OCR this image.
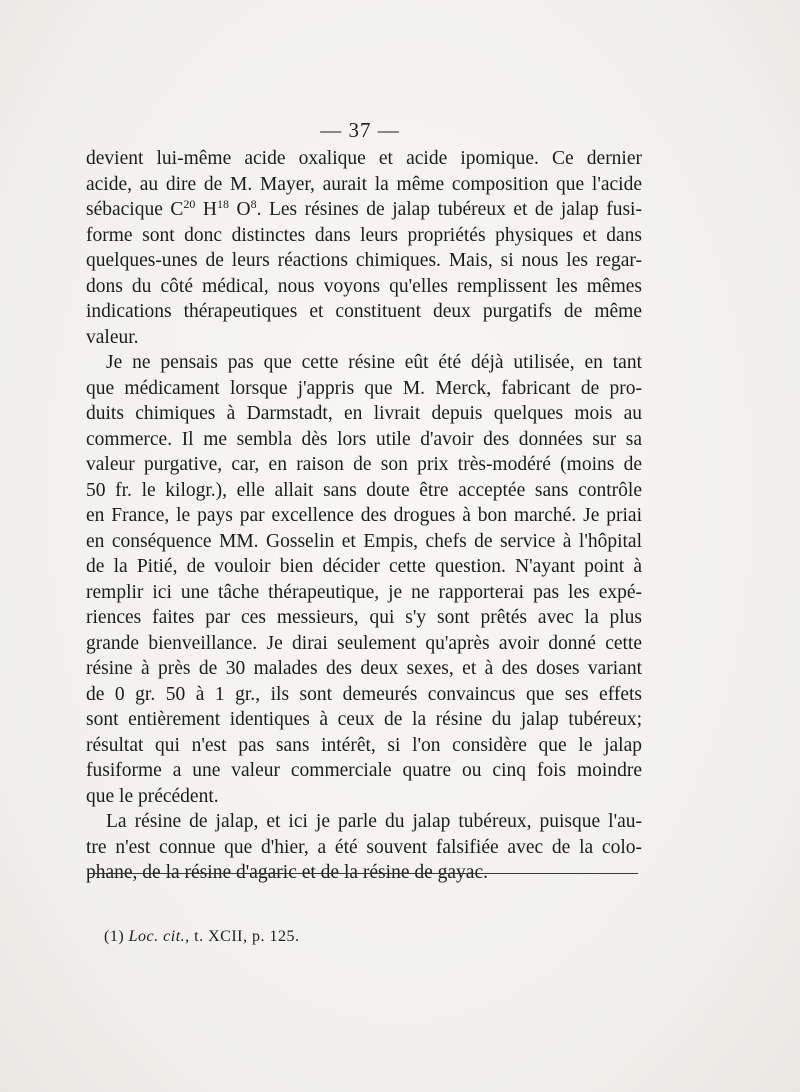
— 37 —
devient lui-même acide oxalique et acide ipomique. Ce dernier
acide, au dire de M. Mayer, aurait la même composition que l'acide
sébacique $C^{20}$ $H^{18}$ $O^8$. Les résines de jalap tubéreux et de jalap fusi-
forme sont donc distinctes dans leurs propriétés physiques et dans
quelques-unes de leurs réactions chimiques. Mais, si nous les regar-
dons du côté médical, nous voyons qu'elles remplissent les mêmes
indications thérapeutiques et constituent deux purgatifs de même
valeur.
Je ne pensais pas que cette résine eût été déjà utilisée, en tant
que médicament lorsque j'appris que M. Merck, fabricant de pro-
duits chimiques à Darmstadt, en livrait depuis quelques mois au
commerce. Il me sembla dès lors utile d'avoir des données sur sa
valeur purgative, car, en raison de son prix très-modéré (moins de
50 fr. le kilogr.), elle allait sans doute être acceptée sans contrôle
en France, le pays par excellence des drogues à bon marché. Je priai
en conséquence MM. Gosselin et Empis, chefs de service à l'hôpital
de la Pitié, de vouloir bien décider cette question. N'ayant point à
remplir ici une tâche thérapeutique, je ne rapporterai pas les expé-
riences faites par ces messieurs, qui s'y sont prêtés avec la plus
grande bienveillance. Je dirai seulement qu'après avoir donné cette
résine à près de 30 malades des deux sexes, et à des doses variant
de 0 gr. 50 à 1 gr., ils sont demeurés convaincus que ses effets
sont entièrement identiques à ceux de la résine du jalap tubéreux;
résultat qui n'est pas sans intérêt, si l'on considère que le jalap
fusiforme a une valeur commerciale quatre ou cinq fois moindre
que le précédent.
La résine de jalap, et ici je parle du jalap tubéreux, puisque l'au-
tre n'est connue que d'hier, a été souvent falsifiée avec de la colo-
phane, de la résine d'agaric et de la résine de gayac.
(1) Loc. cit., t. XCII, p. 125.
